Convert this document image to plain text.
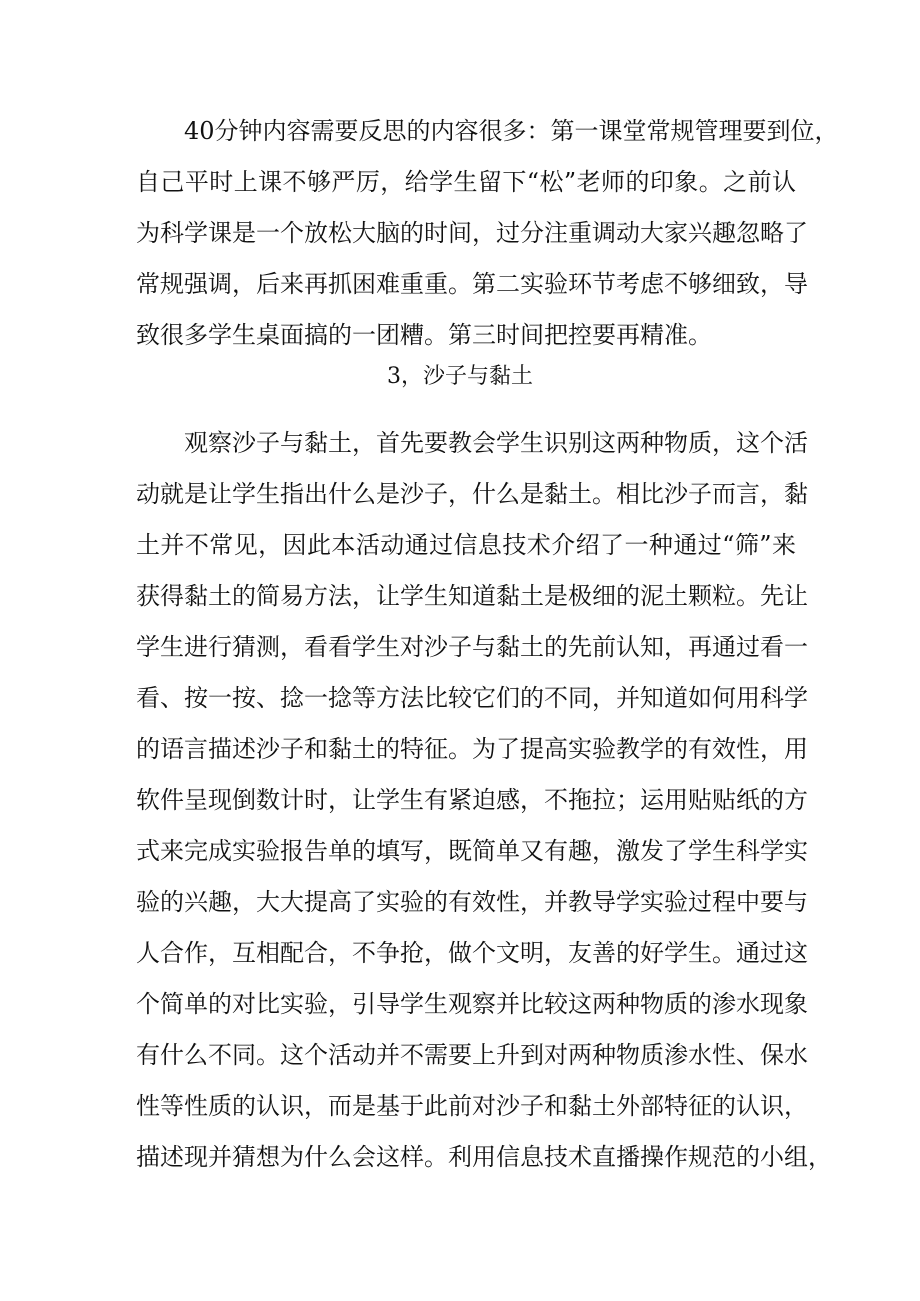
40分钟内容需要反思的内容很多：第一课堂常规管理要到位，
自己平时上课不够严厉，给学生留下“松”老师的印象。之前认
为科学课是一个放松大脑的时间，过分注重调动大家兴趣忽略了
常规强调，后来再抓困难重重。第二实验环节考虑不够细致，导
致很多学生桌面搞的一团糟。第三时间把控要再精准。
3，沙子与黏土
观察沙子与黏土，首先要教会学生识别这两种物质，这个活
动就是让学生指出什么是沙子，什么是黏土。相比沙子而言，黏
土并不常见，因此本活动通过信息技术介绍了一种通过“筛”来
获得黏土的简易方法，让学生知道黏土是极细的泥土颗粒。先让
学生进行猜测，看看学生对沙子与黏土的先前认知，再通过看一
看、按一按、捻一捻等方法比较它们的不同，并知道如何用科学
的语言描述沙子和黏土的特征。为了提高实验教学的有效性，用
软件呈现倒数计时，让学生有紧迫感，不拖拉；运用贴贴纸的方
式来完成实验报告单的填写，既简单又有趣，激发了学生科学实
验的兴趣，大大提高了实验的有效性，并教导学实验过程中要与
人合作，互相配合，不争抢，做个文明，友善的好学生。通过这
个简单的对比实验，引导学生观察并比较这两种物质的渗水现象
有什么不同。这个活动并不需要上升到对两种物质渗水性、保水
性等性质的认识，而是基于此前对沙子和黏土外部特征的认识，
描述现并猜想为什么会这样。利用信息技术直播操作规范的小组，
